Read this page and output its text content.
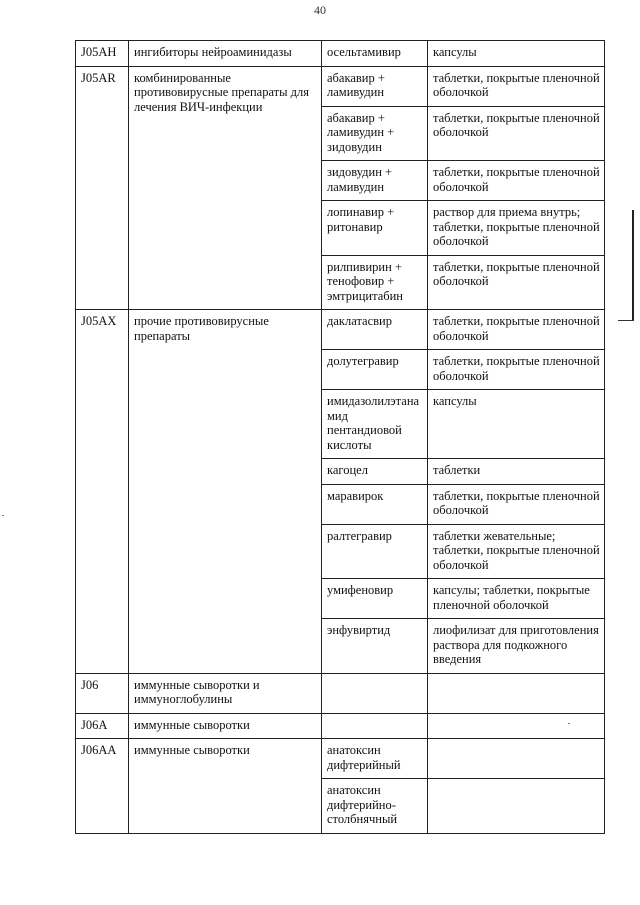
40
J05AH	ингибиторы нейроаминидазы	осельтамивир	капсулы
J05AR	комбинированные противовирусные препараты для лечения ВИЧ-инфекции	абакавир + ламивудин	таблетки, покрытые пленочной оболочкой
		абакавир + ламивудин + зидовудин	таблетки, покрытые пленочной оболочкой
		зидовудин + ламивудин	таблетки, покрытые пленочной оболочкой
		лопинавир + ритонавир	раствор для приема внутрь; таблетки, покрытые пленочной оболочкой
		рилпивирин + тенофовир + эмтрицитабин	таблетки, покрытые пленочной оболочкой
J05AX	прочие противовирусные препараты	даклатасвир	таблетки, покрытые пленочной оболочкой
		долутегравир	таблетки, покрытые пленочной оболочкой
		имидазолилэтанамид пентандиовой кислоты	капсулы
		кагоцел	таблетки
		маравирок	таблетки, покрытые пленочной оболочкой
		ралтегравир	таблетки жевательные; таблетки, покрытые пленочной оболочкой
		умифеновир	капсулы; таблетки, покрытые пленочной оболочкой
		энфувиртид	лиофилизат для приготовления раствора для подкожного введения
J06	иммунные сыворотки и иммуноглобулины		
J06A	иммунные сыворотки		
J06AA	иммунные сыворотки	анатоксин дифтерийный	
		анатоксин дифтерийно-столбнячный	
